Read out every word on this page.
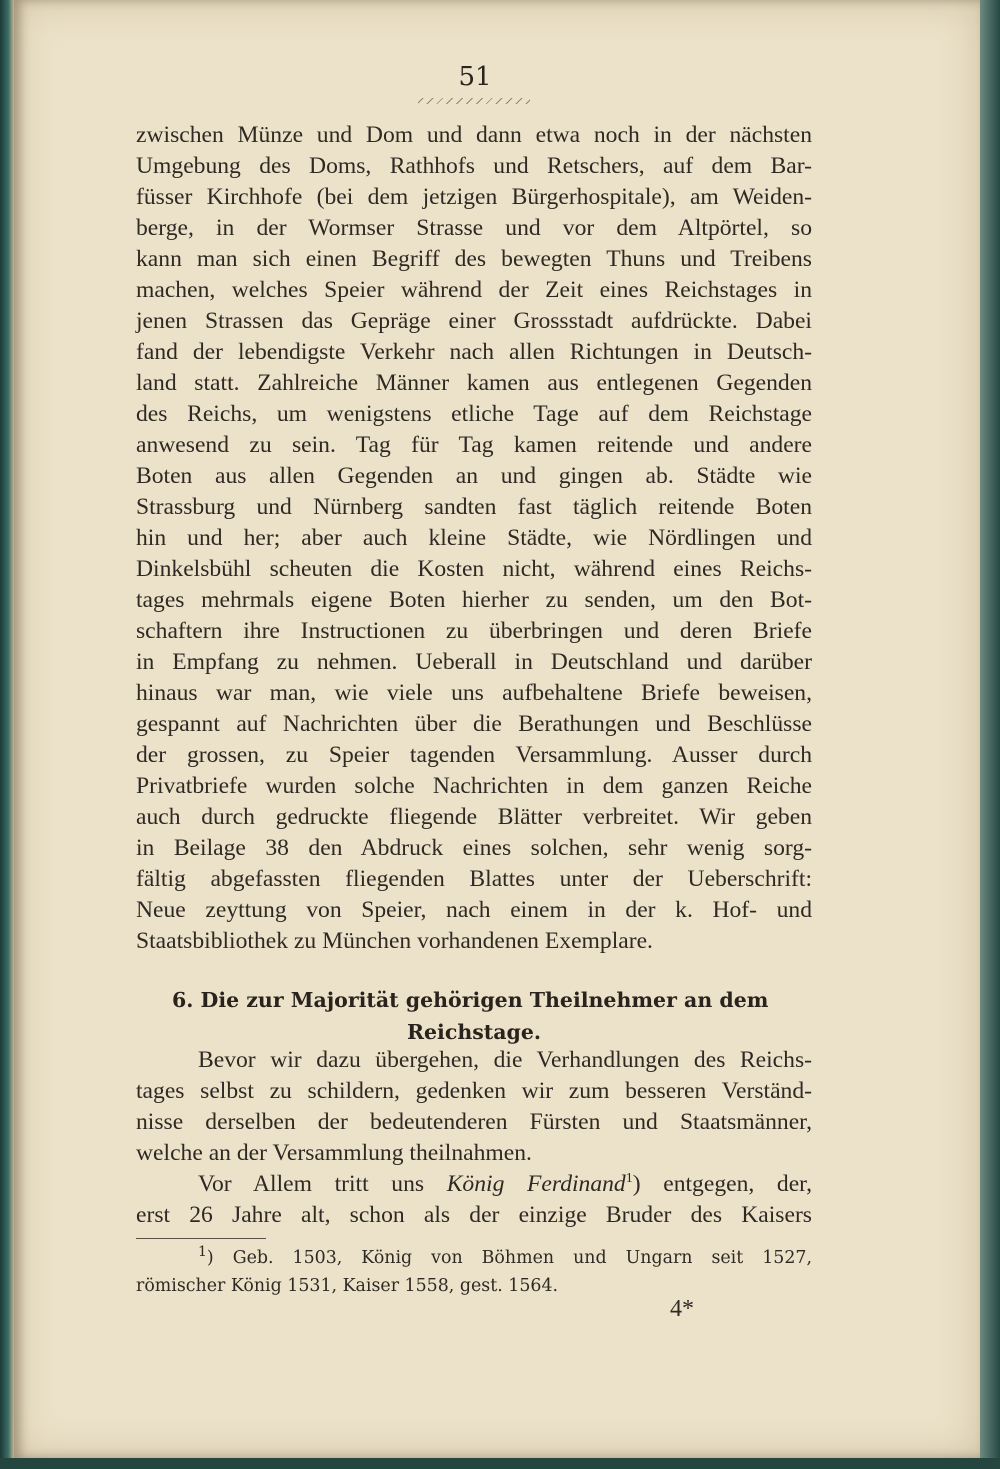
51
zwischen Münze und Dom und dann etwa noch in der nächsten
Umgebung des Doms, Rathhofs und Retschers, auf dem Bar-
füsser Kirchhofe (bei dem jetzigen Bürgerhospitale), am Weiden-
berge, in der Wormser Strasse und vor dem Altpörtel, so
kann man sich einen Begriff des bewegten Thuns und Treibens
machen, welches Speier während der Zeit eines Reichstages in
jenen Strassen das Gepräge einer Grossstadt aufdrückte. Dabei
fand der lebendigste Verkehr nach allen Richtungen in Deutsch-
land statt. Zahlreiche Männer kamen aus entlegenen Gegenden
des Reichs, um wenigstens etliche Tage auf dem Reichstage
anwesend zu sein. Tag für Tag kamen reitende und andere
Boten aus allen Gegenden an und gingen ab. Städte wie
Strassburg und Nürnberg sandten fast täglich reitende Boten
hin und her; aber auch kleine Städte, wie Nördlingen und
Dinkelsbühl scheuten die Kosten nicht, während eines Reichs-
tages mehrmals eigene Boten hierher zu senden, um den Bot-
schaftern ihre Instructionen zu überbringen und deren Briefe
in Empfang zu nehmen. Ueberall in Deutschland und darüber
hinaus war man, wie viele uns aufbehaltene Briefe beweisen,
gespannt auf Nachrichten über die Berathungen und Beschlüsse
der grossen, zu Speier tagenden Versammlung. Ausser durch
Privatbriefe wurden solche Nachrichten in dem ganzen Reiche
auch durch gedruckte fliegende Blätter verbreitet. Wir geben
in Beilage 38 den Abdruck eines solchen, sehr wenig sorg-
fältig abgefassten fliegenden Blattes unter der Ueberschrift:
Neue zeyttung von Speier, nach einem in der k. Hof- und
Staatsbibliothek zu München vorhandenen Exemplare.
6. Die zur Majorität gehörigen Theilnehmer an dem
Reichstage.
Bevor wir dazu übergehen, die Verhandlungen des Reichs-
tages selbst zu schildern, gedenken wir zum besseren Verständ-
nisse derselben der bedeutenderen Fürsten und Staatsmänner,
welche an der Versammlung theilnahmen.
Vor Allem tritt uns König Ferdinand$^1$) entgegen, der,
erst 26 Jahre alt, schon als der einzige Bruder des Kaisers
$^1$) Geb. 1503, König von Böhmen und Ungarn seit 1527,
römischer König 1531, Kaiser 1558, gest. 1564.
4*
